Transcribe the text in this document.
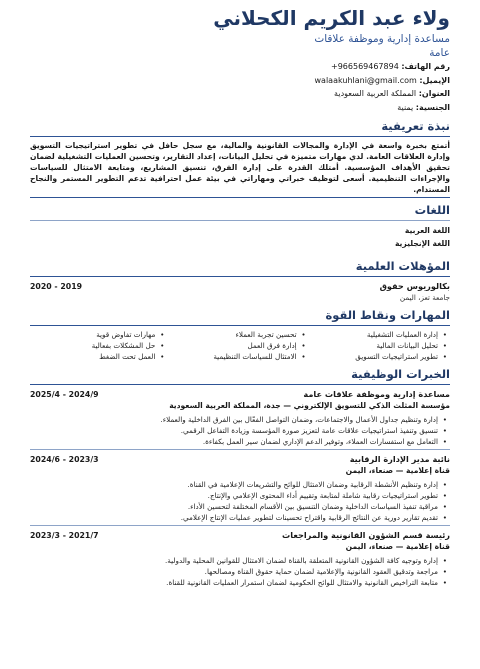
ولاء عبد الكريم الكحلاني
مساعدة إدارية وموظفة علاقات
عامة
رقم الهاتف: +966569467894
الإيميل: walaakuhlani@gmail.com
العنوان: المملكة العربية السعودية
الجنسية: يمنية
نبذة تعريفية
أتمتع بخبرة واسعة في الإدارة والمجالات القانونية والمالية، مع سجل حافل في تطوير استراتيجيات التسويق وإدارة العلاقات العامة. لدي مهارات متميزة في تحليل البيانات، إعداد التقارير، وتحسين العمليات التشغيلية لضمان تحقيق الأهداف المؤسسية. أمتلك القدرة على إدارة الفرق، تنسيق المشاريع، ومتابعة الامتثال للسياسات والإجراءات التنظيمية. أسعى لتوظيف خبراتي ومهاراتي في بيئة عمل احترافية تدعم التطوير المستمر والنجاح المستدام.
اللغات
اللغة العربية
اللغة الإنجليزية
المؤهلات العلمية
بكالوريوس حقوق
2020 - 2019
جامعة تعز، اليمن
المهارات ونقاط القوة
• إدارة العمليات التشغيلية
• تحليل البيانات المالية
• تطوير استراتيجيات التسويق
• تحسين تجربة العملاء
• إدارة فرق العمل
• الامتثال للسياسات التنظيمية
• مهارات تفاوض قوية
• حل المشكلات بفعالية
• العمل تحت الضغط
الخبرات الوظيفية
مساعدة إدارية وموظفة علاقات عامة
2025/4 - 2024/9
مؤسسة المثلث الذكي للتسويق الإلكتروني — جدة، المملكة العربية السعودية
• إدارة وتنظيم جداول الأعمال والاجتماعات، وضمان التواصل الفعّال بين الفرق الداخلية والعملاء.
• تنسيق وتنفيذ استراتيجيات علاقات عامة لتعزيز صورة المؤسسة وزيادة التفاعل الرقمي.
• التعامل مع استفسارات العملاء، وتوفير الدعم الإداري لضمان سير العمل بكفاءة.
نائبة مدير الإدارة الرقابية
2024/6 - 2023/3
قناة إعلامية — صنعاء، اليمن
• إدارة وتنظيم الأنشطة الرقابية وضمان الامتثال للوائح والتشريعات الإعلامية في القناة.
• تطوير استراتيجيات رقابية شاملة لمتابعة وتقييم أداء المحتوى الإعلامي والإنتاج.
• مراقبة تنفيذ السياسات الداخلية وضمان التنسيق بين الأقسام المختلفة لتحسين الأداء.
• تقديم تقارير دورية عن النتائج الرقابية واقتراح تحسينات لتطوير عمليات الإنتاج الإعلامي.
رئيسة قسم الشؤون القانونية والمراجعات
2023/3 - 2021/7
قناة إعلامية — صنعاء، اليمن
• إدارة وتوجيه كافة الشؤون القانونية المتعلقة بالقناة لضمان الامتثال للقوانين المحلية والدولية.
• مراجعة وتدقيق العقود القانونية والإعلامية لضمان حماية حقوق القناة ومصالحها.
• متابعة التراخيص القانونية والامتثال للوائح الحكومية لضمان استمرار العمليات القانونية للقناة.
